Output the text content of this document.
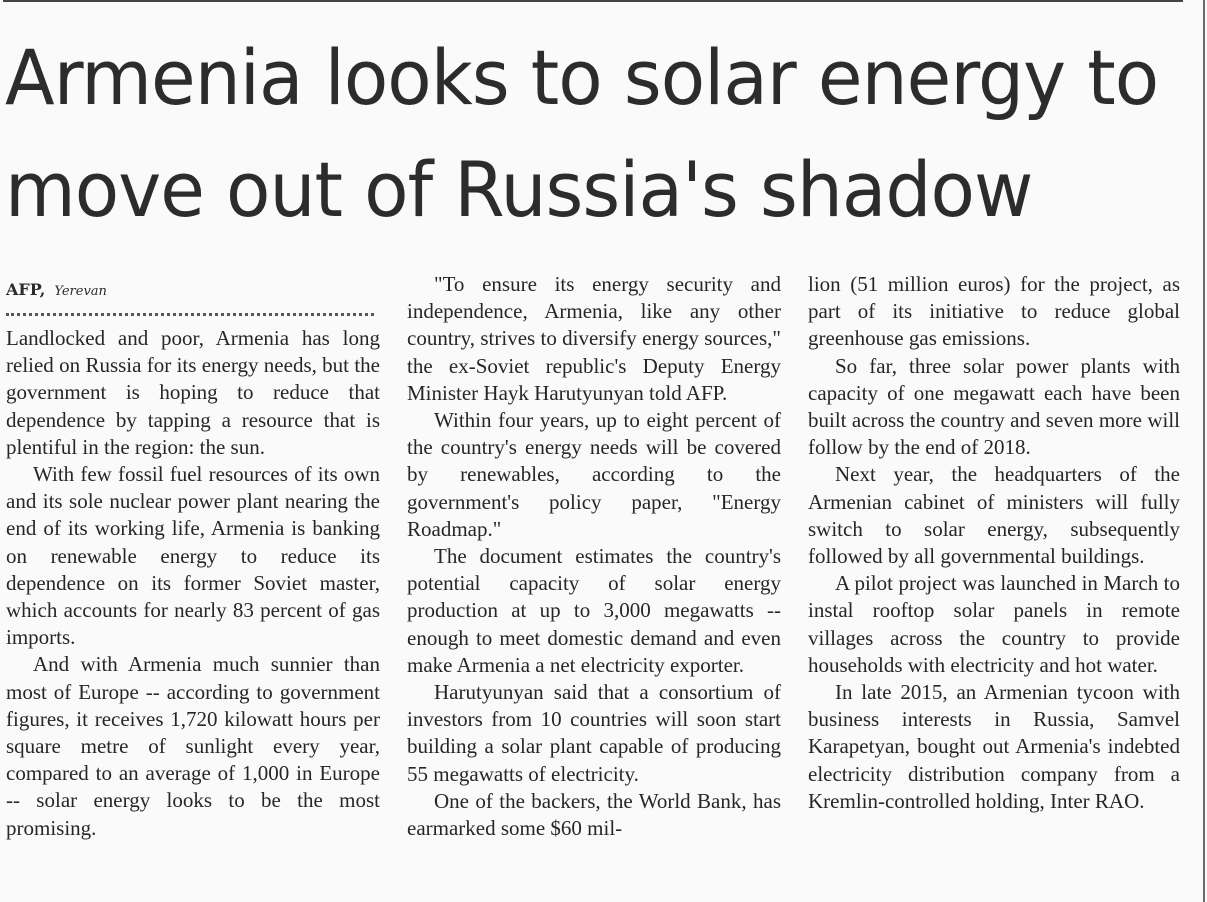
Armenia looks to solar energy to
move out of Russia's shadow
AFP, Yerevan

Landlocked and poor, Armenia has long relied on Russia for its energy needs, but the government is hoping to reduce that dependence by tapping a resource that is plentiful in the region: the sun.

With few fossil fuel resources of its own and its sole nuclear power plant nearing the end of its working life, Armenia is banking on renewable energy to reduce its dependence on its former Soviet master, which accounts for nearly 83 percent of gas imports.

And with Armenia much sunnier than most of Europe -- according to government figures, it receives 1,720 kilowatt hours per square metre of sunlight every year, compared to an average of 1,000 in Europe -- solar energy looks to be the most promising.

"To ensure its energy security and independence, Armenia, like any other country, strives to diversify energy sources," the ex-Soviet republic's Deputy Energy Minister Hayk Harutyunyan told AFP.

Within four years, up to eight percent of the country's energy needs will be covered by renewables, according to the government's policy paper, "Energy Roadmap."

The document estimates the country's potential capacity of solar energy production at up to 3,000 megawatts -- enough to meet domestic demand and even make Armenia a net electricity exporter.

Harutyunyan said that a consortium of investors from 10 countries will soon start building a solar plant capable of producing 55 megawatts of electricity.

One of the backers, the World Bank, has earmarked some $60 mil-

lion (51 million euros) for the project, as part of its initiative to reduce global greenhouse gas emissions.

So far, three solar power plants with capacity of one megawatt each have been built across the country and seven more will follow by the end of 2018.

Next year, the headquarters of the Armenian cabinet of ministers will fully switch to solar energy, subsequently followed by all governmental buildings.

A pilot project was launched in March to instal rooftop solar panels in remote villages across the country to provide households with electricity and hot water.

In late 2015, an Armenian tycoon with business interests in Russia, Samvel Karapetyan, bought out Armenia's indebted electricity distribution company from a Kremlin-controlled holding, Inter RAO.
